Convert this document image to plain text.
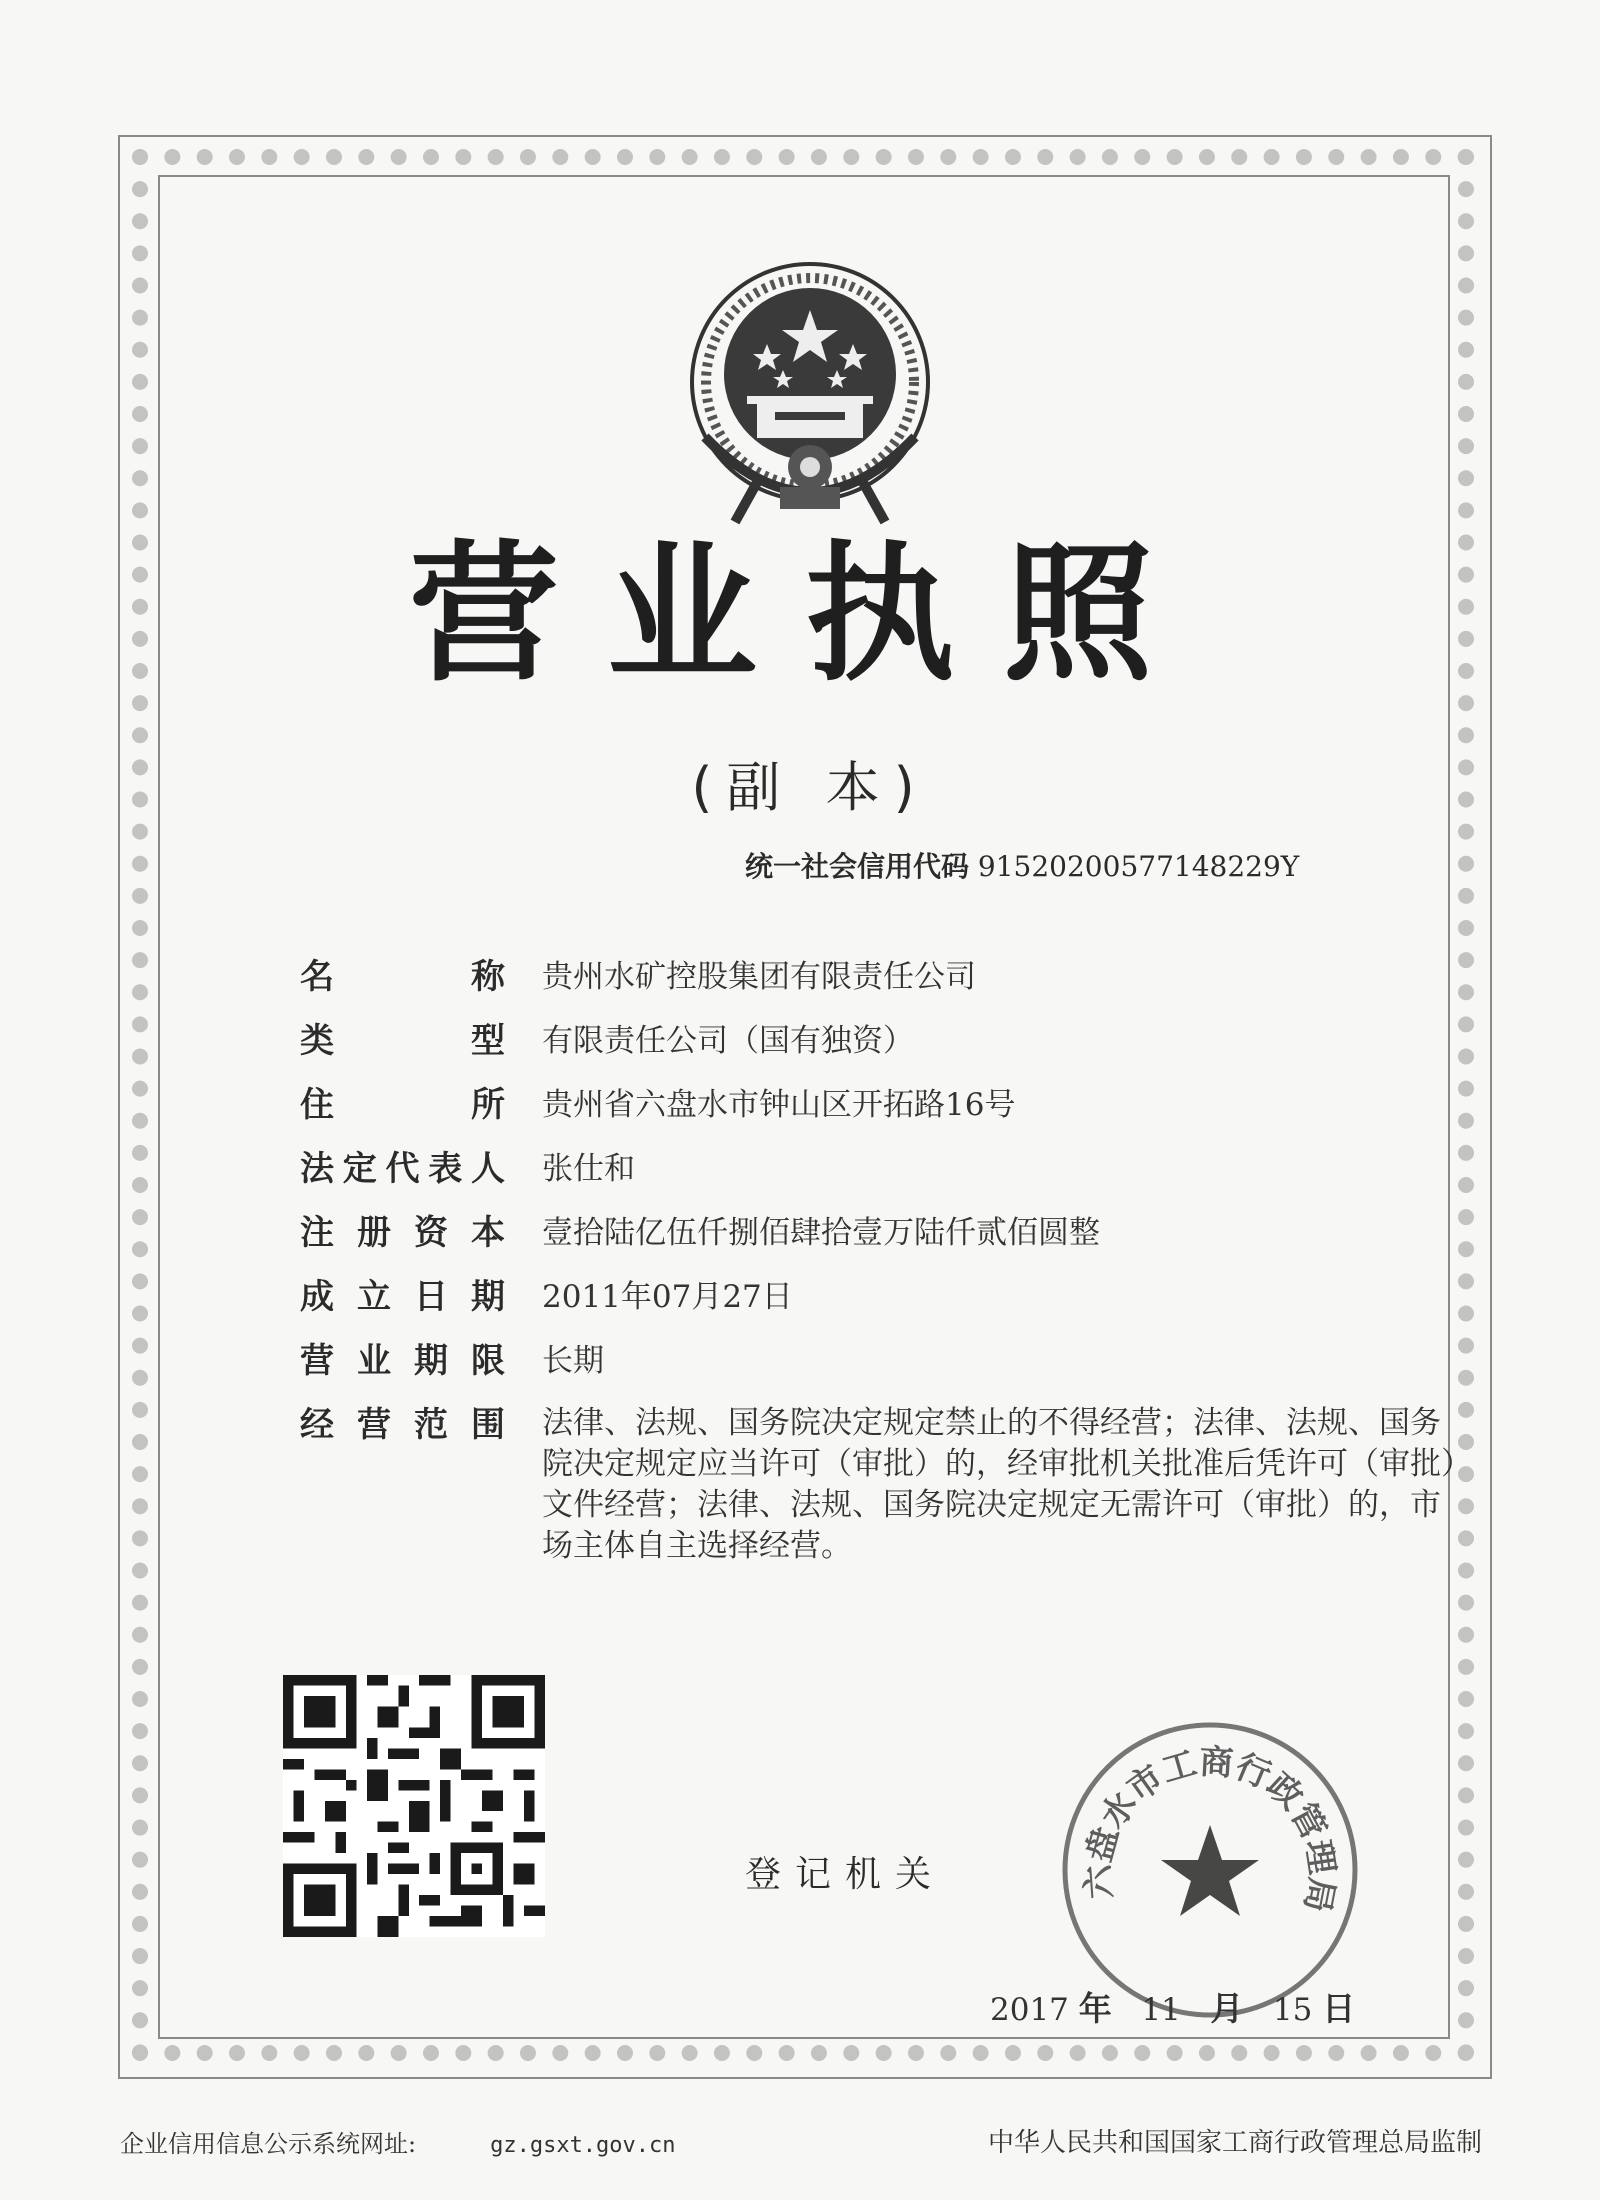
营业执照
(副 本)
统一社会信用代码 91520200577148229Y
名称 贵州水矿控股集团有限责任公司
类型 有限责任公司（国有独资）
住所 贵州省六盘水市钟山区开拓路16号
法定代表人 张仕和
注册资本 壹拾陆亿伍仟捌佰肆拾壹万陆仟贰佰圆整
成立日期 2011年07月27日
营业期限 长期
经营范围 法律、法规、国务院决定规定禁止的不得经营；法律、法规、国务院决定规定应当许可（审批）的，经审批机关批准后凭许可（审批）文件经营；法律、法规、国务院决定规定无需许可（审批）的，市场主体自主选择经营。
登记机关	六盘水市工商行政管理局
2017 年 11 月 15 日
企业信用信息公示系统网址:	gz.gsxt.gov.cn	中华人民共和国国家工商行政管理总局监制
